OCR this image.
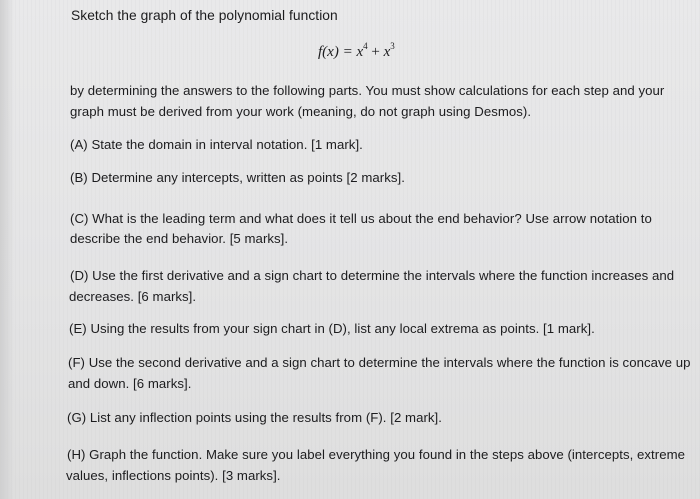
Sketch the graph of the polynomial function

$f(x) = x^4 + x^3$

by determining the answers to the following parts. You must show calculations for each step and your

graph must be derived from your work (meaning, do not graph using Desmos).

(A) State the domain in interval notation. [1 mark].

(B) Determine any intercepts, written as points [2 marks].

(C) What is the leading term and what does it tell us about the end behavior? Use arrow notation to

describe the end behavior. [5 marks].

(D) Use the first derivative and a sign chart to determine the intervals where the function increases and

decreases. [6 marks].

(E) Using the results from your sign chart in (D), list any local extrema as points. [1 mark].

(F) Use the second derivative and a sign chart to determine the intervals where the function is concave up

and down. [6 marks].

(G) List any inflection points using the results from (F). [2 mark].

(H) Graph the function. Make sure you label everything you found in the steps above (intercepts, extreme

values, inflections points). [3 marks].
